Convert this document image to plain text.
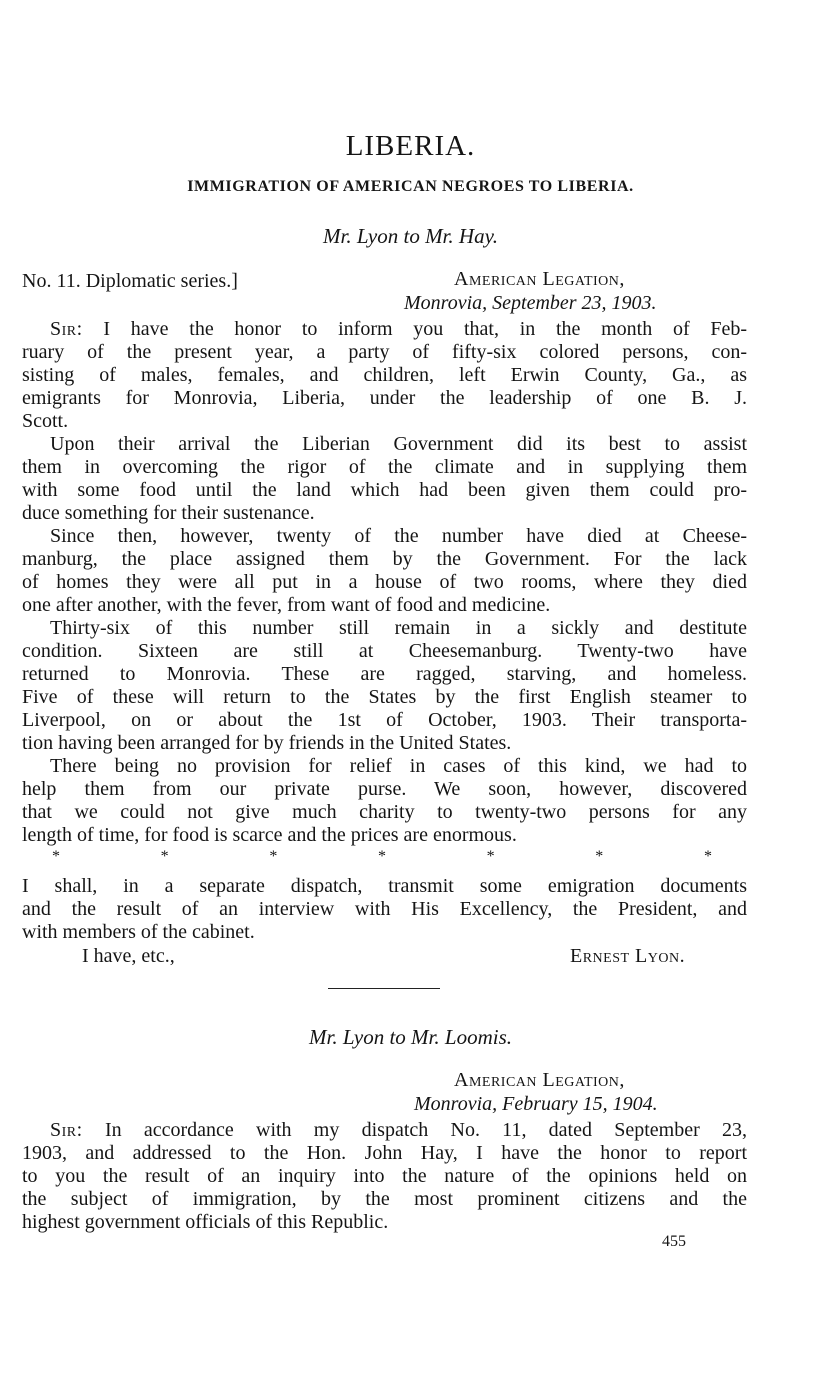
LIBERIA.
IMMIGRATION OF AMERICAN NEGROES TO LIBERIA.
Mr. Lyon to Mr. Hay.
No. 11. Diplomatic series.]	American Legation,
Monrovia, September 23, 1903.
Sir: I have the honor to inform you that, in the month of Feb-
ruary of the present year, a party of fifty-six colored persons, con-
sisting of males, females, and children, left Erwin County, Ga., as
emigrants for Monrovia, Liberia, under the leadership of one B. J.
Scott.
Upon their arrival the Liberian Government did its best to assist
them in overcoming the rigor of the climate and in supplying them
with some food until the land which had been given them could pro-
duce something for their sustenance.
Since then, however, twenty of the number have died at Cheese-
manburg, the place assigned them by the Government. For the lack
of homes they were all put in a house of two rooms, where they died
one after another, with the fever, from want of food and medicine.
Thirty-six of this number still remain in a sickly and destitute
condition. Sixteen are still at Cheesemanburg. Twenty-two have
returned to Monrovia. These are ragged, starving, and homeless.
Five of these will return to the States by the first English steamer to
Liverpool, on or about the 1st of October, 1903. Their transporta-
tion having been arranged for by friends in the United States.
There being no provision for relief in cases of this kind, we had to
help them from our private purse. We soon, however, discovered
that we could not give much charity to twenty-two persons for any
length of time, for food is scarce and the prices are enormous.
*	*	*	*	*	*	*
I shall, in a separate dispatch, transmit some emigration documents
and the result of an interview with His Excellency, the President, and
with members of the cabinet.
I have, etc.,	Ernest Lyon.
Mr. Lyon to Mr. Loomis.
American Legation,
Monrovia, February 15, 1904.
Sir: In accordance with my dispatch No. 11, dated September 23,
1903, and addressed to the Hon. John Hay, I have the honor to report
to you the result of an inquiry into the nature of the opinions held on
the subject of immigration, by the most prominent citizens and the
highest government officials of this Republic.
455
